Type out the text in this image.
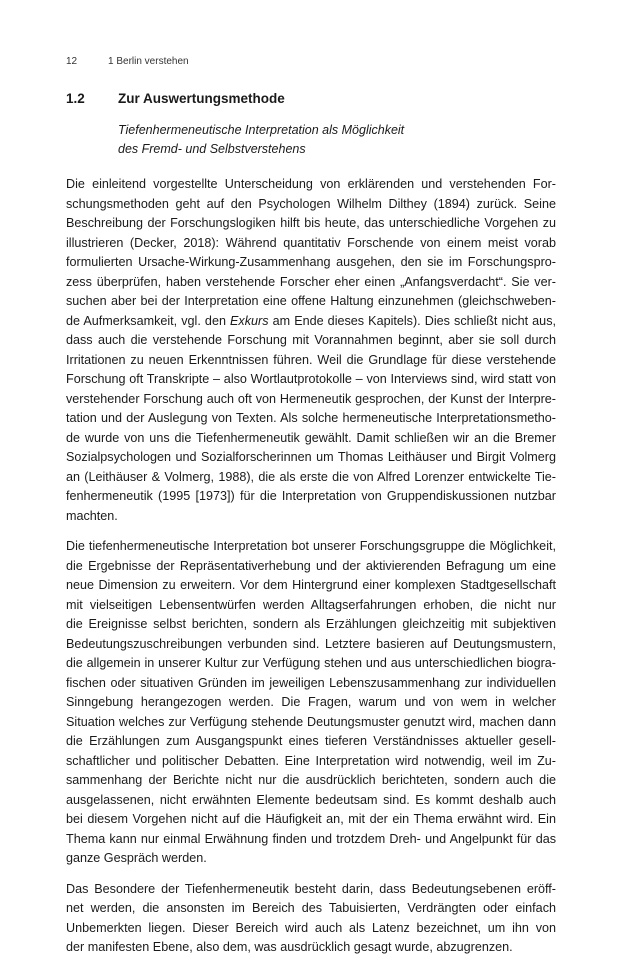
12	1 Berlin verstehen
1.2 Zur Auswertungsmethode
Tiefenhermeneutische Interpretation als Möglichkeit
des Fremd- und Selbstverstehens
Die einleitend vorgestellte Unterscheidung von erklärenden und verstehenden For-
schungsmethoden geht auf den Psychologen Wilhelm Dilthey (1894) zurück. Seine
Beschreibung der Forschungslogiken hilft bis heute, das unterschiedliche Vorgehen zu
illustrieren (Decker, 2018): Während quantitativ Forschende von einem meist vorab
formulierten Ursache-Wirkung-Zusammenhang ausgehen, den sie im Forschungspro-
zess überprüfen, haben verstehende Forscher eher einen „Anfangsverdacht“. Sie ver-
suchen aber bei der Interpretation eine offene Haltung einzunehmen (gleichschweben-
de Aufmerksamkeit, vgl. den Exkurs am Ende dieses Kapitels). Dies schließt nicht aus,
dass auch die verstehende Forschung mit Vorannahmen beginnt, aber sie soll durch
Irritationen zu neuen Erkenntnissen führen. Weil die Grundlage für diese verstehende
Forschung oft Transkripte – also Wortlautprotokolle – von Interviews sind, wird statt von
verstehender Forschung auch oft von Hermeneutik gesprochen, der Kunst der Interpre-
tation und der Auslegung von Texten. Als solche hermeneutische Interpretationsmetho-
de wurde von uns die Tiefenhermeneutik gewählt. Damit schließen wir an die Bremer
Sozialpsychologen und Sozialforscherinnen um Thomas Leithäuser und Birgit Volmerg
an (Leithäuser & Volmerg, 1988), die als erste die von Alfred Lorenzer entwickelte Tie-
fenhermeneutik (1995 [1973]) für die Interpretation von Gruppendiskussionen nutzbar
machten.
Die tiefenhermeneutische Interpretation bot unserer Forschungsgruppe die Möglichkeit,
die Ergebnisse der Repräsentativerhebung und der aktivierenden Befragung um eine
neue Dimension zu erweitern. Vor dem Hintergrund einer komplexen Stadtgesellschaft
mit vielseitigen Lebensentwürfen werden Alltagserfahrungen erhoben, die nicht nur
die Ereignisse selbst berichten, sondern als Erzählungen gleichzeitig mit subjektiven
Bedeutungszuschreibungen verbunden sind. Letztere basieren auf Deutungsmustern,
die allgemein in unserer Kultur zur Verfügung stehen und aus unterschiedlichen biogra-
fischen oder situativen Gründen im jeweiligen Lebenszusammenhang zur individuellen
Sinngebung herangezogen werden. Die Fragen, warum und von wem in welcher
Situation welches zur Verfügung stehende Deutungsmuster genutzt wird, machen dann
die Erzählungen zum Ausgangspunkt eines tieferen Verständnisses aktueller gesell-
schaftlicher und politischer Debatten. Eine Interpretation wird notwendig, weil im Zu-
sammenhang der Berichte nicht nur die ausdrücklich berichteten, sondern auch die
ausgelassenen, nicht erwähnten Elemente bedeutsam sind. Es kommt deshalb auch
bei diesem Vorgehen nicht auf die Häufigkeit an, mit der ein Thema erwähnt wird. Ein
Thema kann nur einmal Erwähnung finden und trotzdem Dreh- und Angelpunkt für das
ganze Gespräch werden.
Das Besondere der Tiefenhermeneutik besteht darin, dass Bedeutungsebenen eröff-
net werden, die ansonsten im Bereich des Tabuisierten, Verdrängten oder einfach
Unbemerkten liegen. Dieser Bereich wird auch als Latenz bezeichnet, um ihn von
der manifesten Ebene, also dem, was ausdrücklich gesagt wurde, abzugrenzen.
